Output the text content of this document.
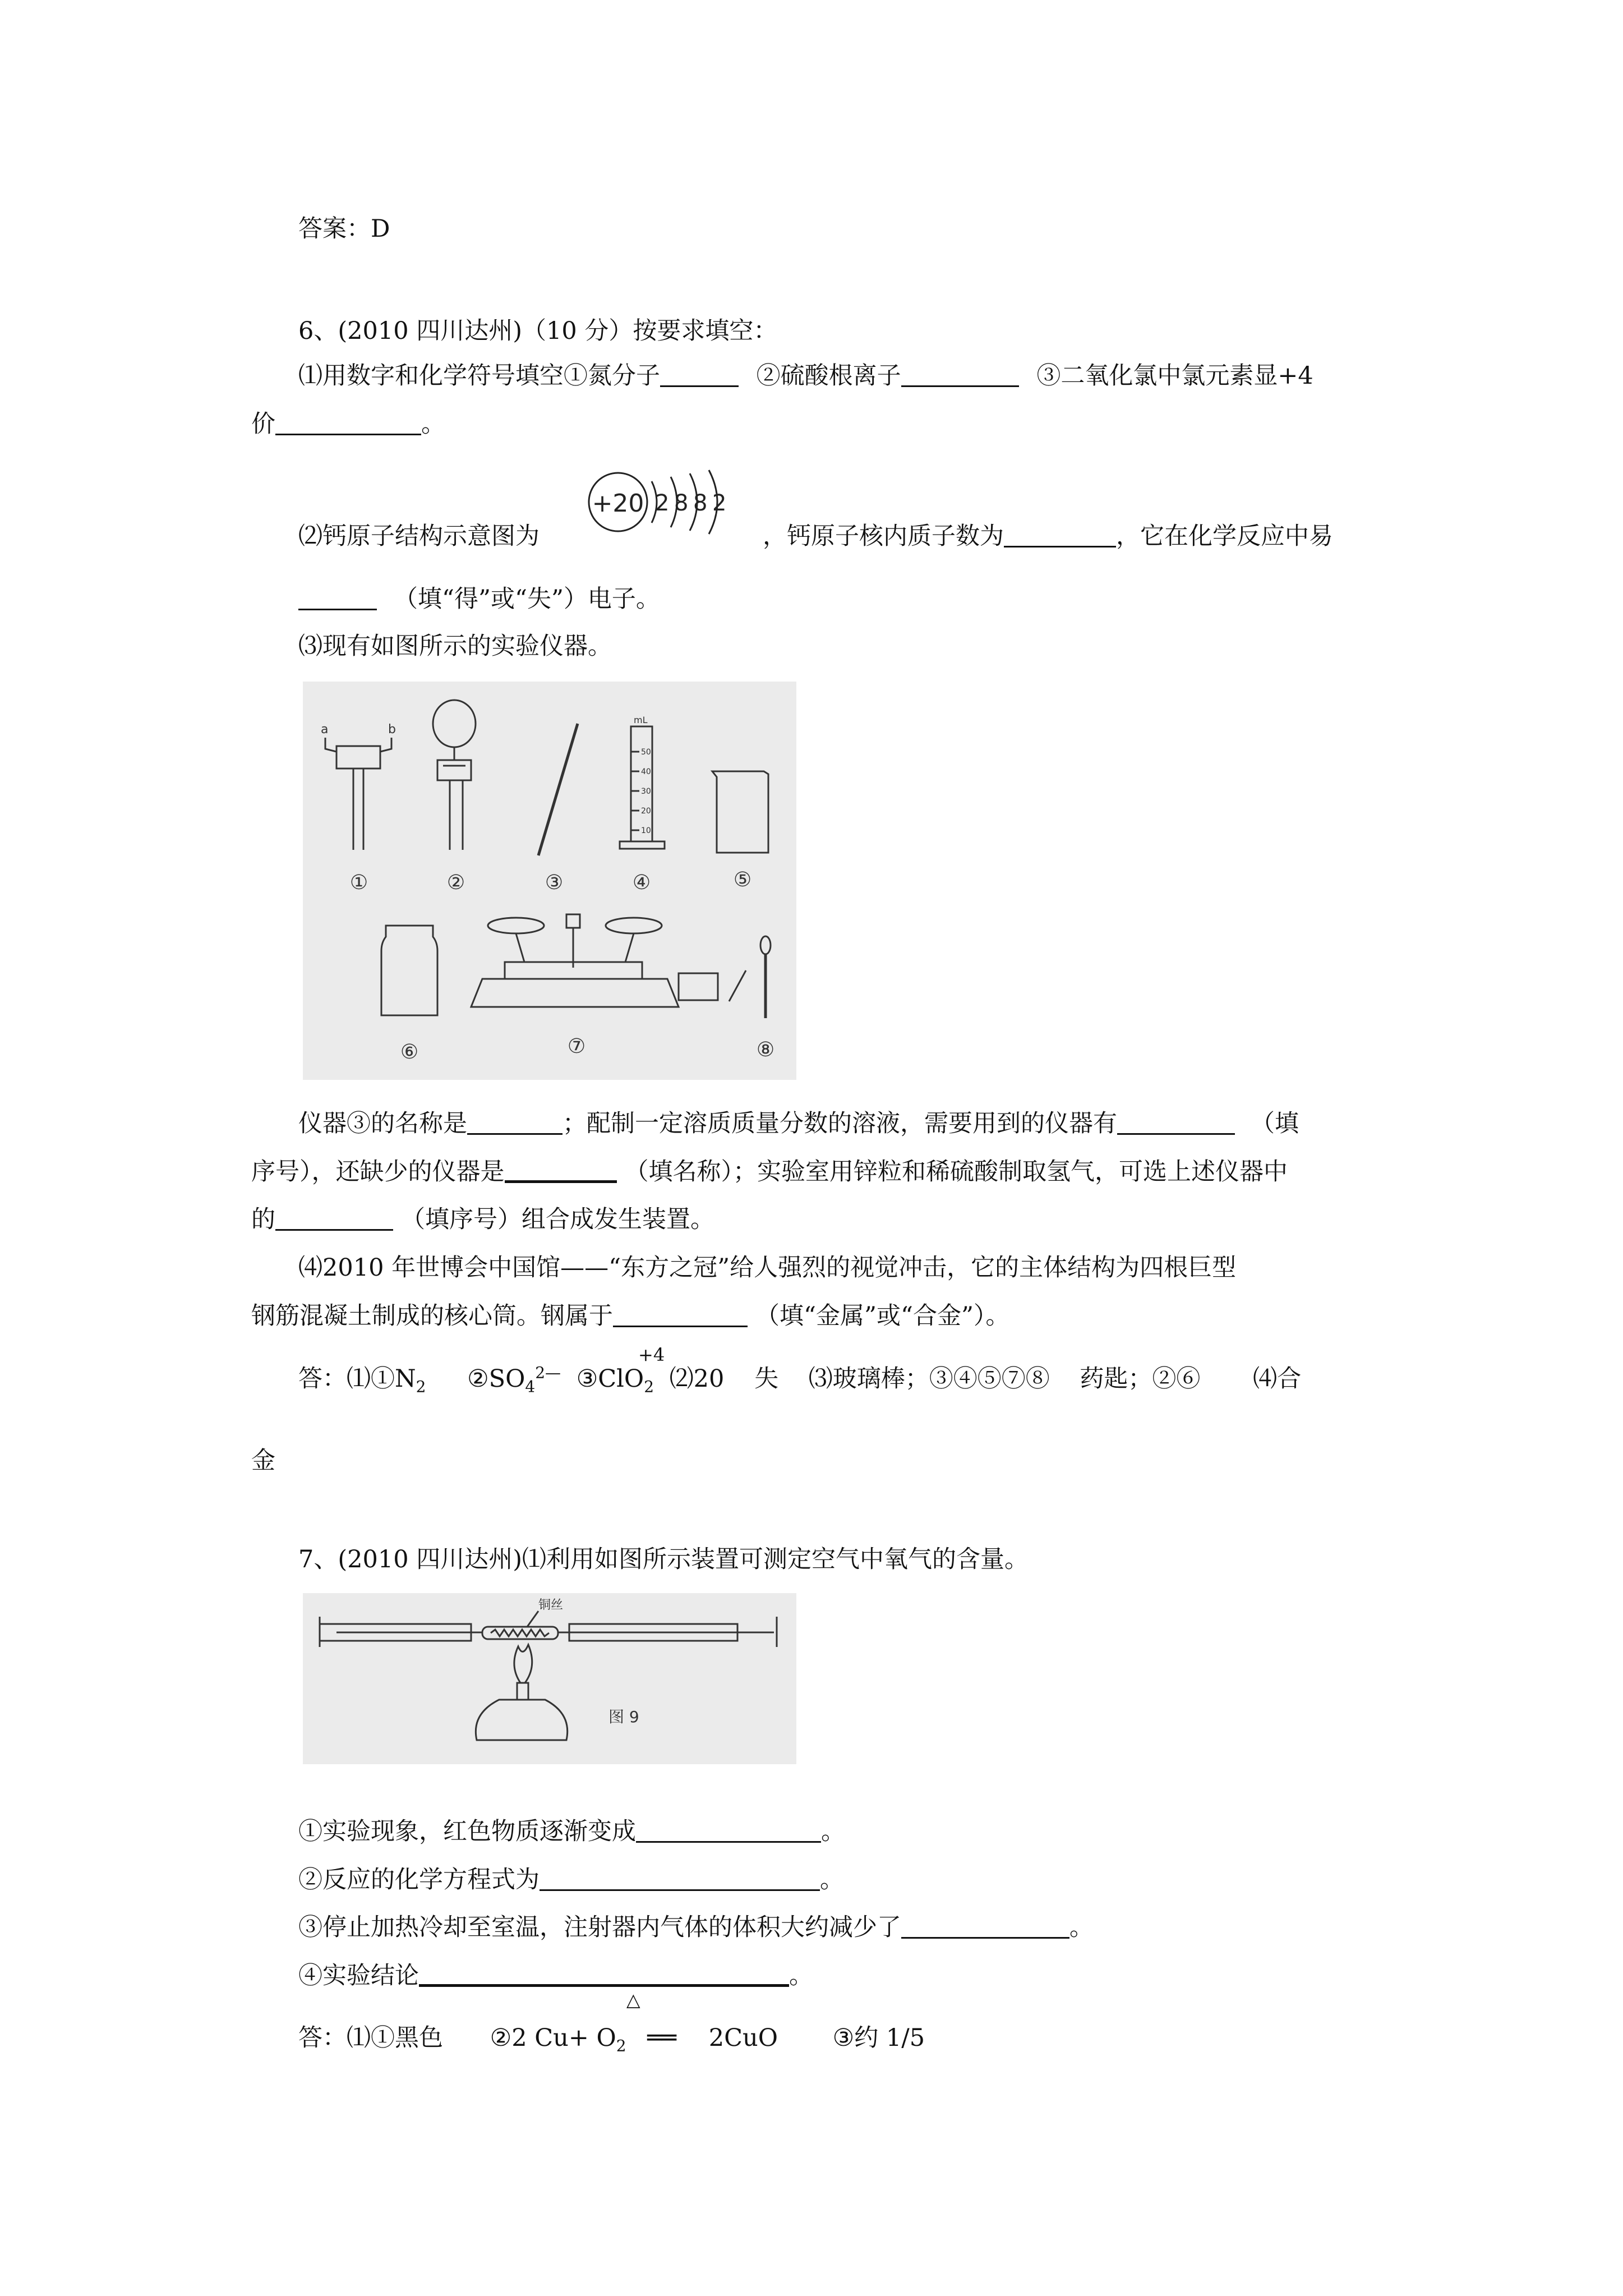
答案：D
6、(2010 四川达州)（10 分）按要求填空：
⑴用数字和化学符号填空①氮分子	②硫酸根离子	③二氧化氯中氯元素显+4
价	。
⑵钙原子结构示意图为
+20 2 8 8 2
，钙原子核内质子数为	，它在化学反应中易
（填“得”或“失”）电子。
⑶现有如图所示的实验仪器。
a	b
mL
50
40
30
20
10
①	②	③	④	⑤
⑥	⑦	⑧
仪器③的名称是	；配制一定溶质质量分数的溶液，需要用到的仪器有	（填
序号），还缺少的仪器是	（填名称）；实验室用锌粒和稀硫酸制取氢气，可选上述仪器中
的	（填序号）组合成发生装置。
⑷2010 年世博会中国馆——“东方之冠”给人强烈的视觉冲击，它的主体结构为四根巨型
钢筋混凝土制成的核心筒。钢属于	（填“金属”或“合金”）。
+4
答：$⑴①N_2$ $②SO_4^{2—}$ ③ClO$_2$ ⑵20 失 ⑶玻璃棒；③④⑤⑦⑧ 药匙；②⑥ ⑷合
金
7、(2010 四川达州)⑴利用如图所示装置可测定空气中氧气的含量。
铜丝
图 9
①实验现象，红色物质逐渐变成	。
②反应的化学方程式为	。
③停止加热冷却至室温，注射器内气体的体积大约减少了	。
④实验结论	。
△
答：⑴①黑色 ②2 $Cu+ O_2$ ══ 2CuO ③约 1/5
